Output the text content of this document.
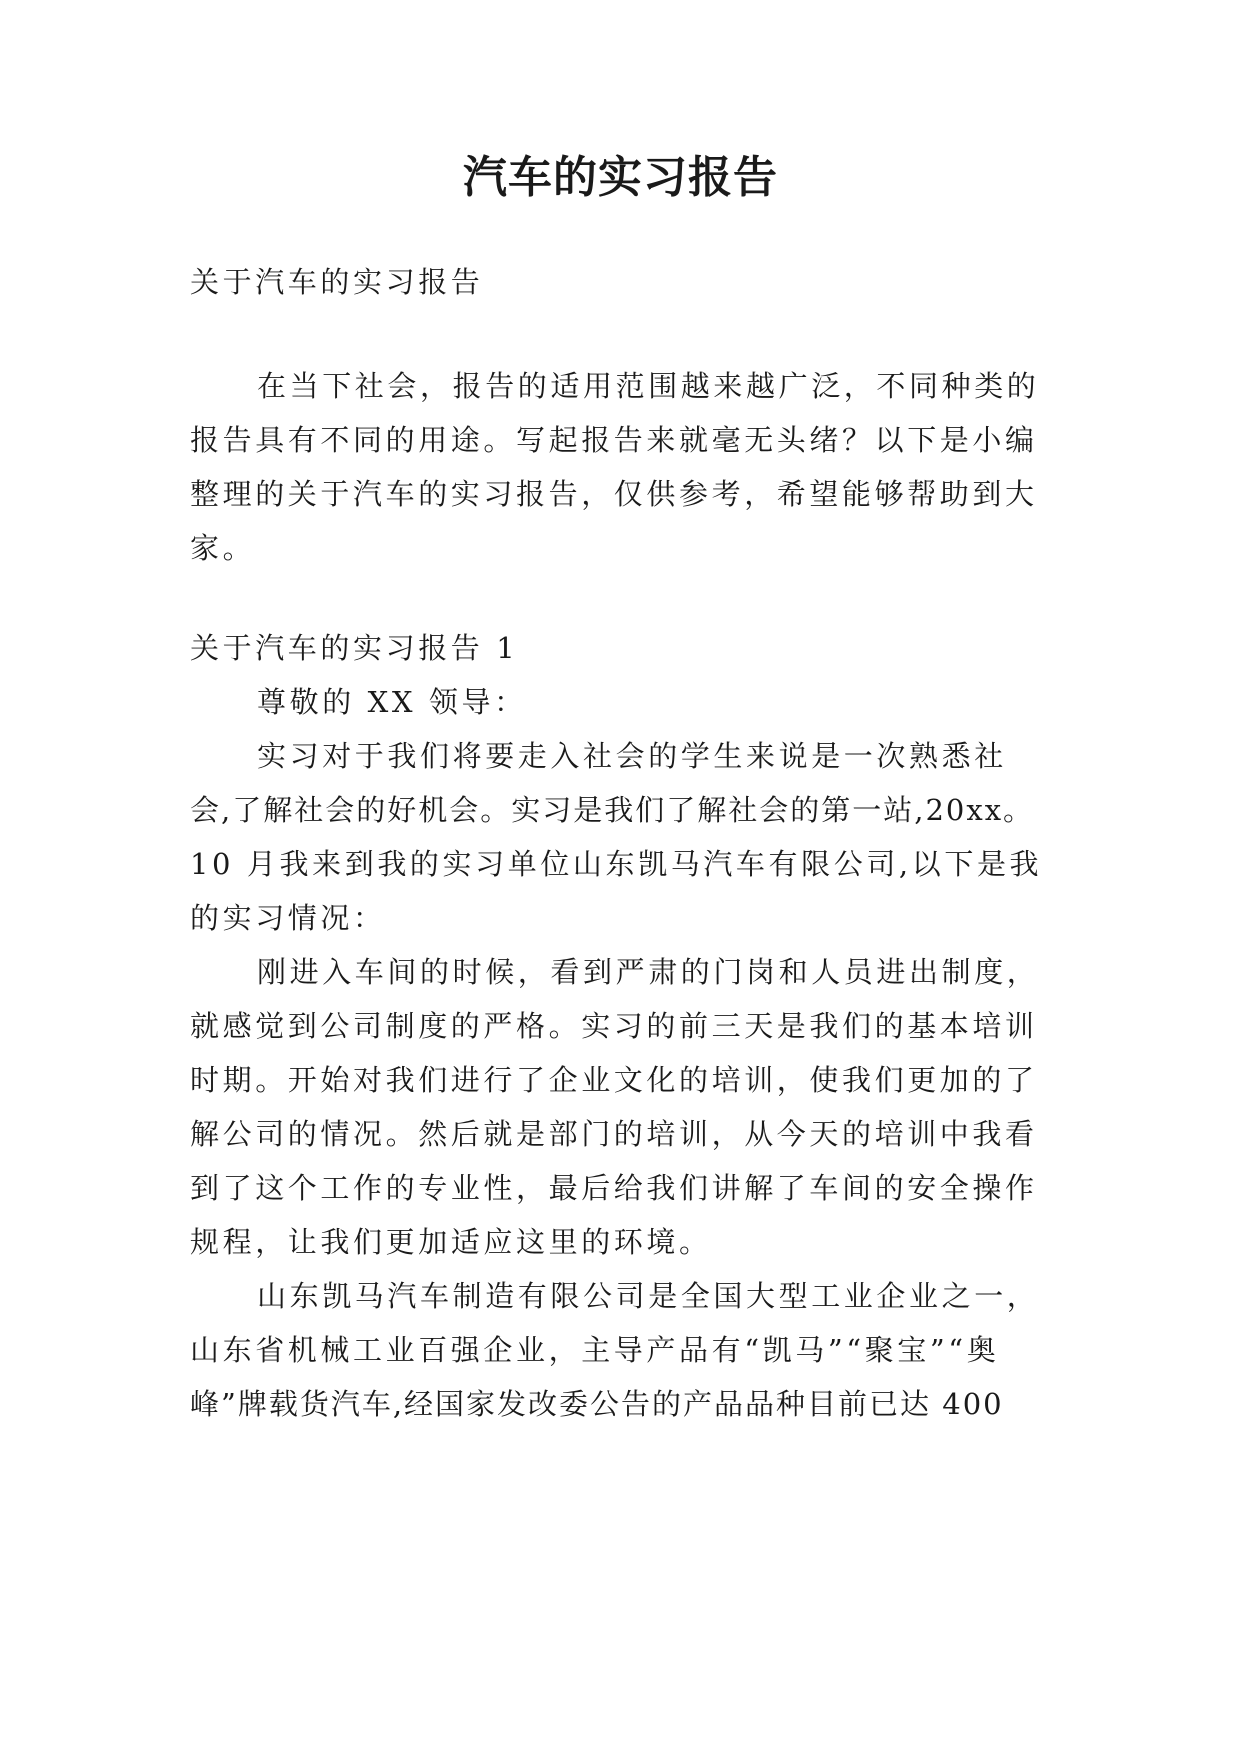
汽车的实习报告

关于汽车的实习报告

在当下社会，报告的适用范围越来越广泛，不同种类的

报告具有不同的用途。写起报告来就毫无头绪？以下是小编

整理的关于汽车的实习报告，仅供参考，希望能够帮助到大

家。

关于汽车的实习报告 1

尊敬的 XX 领导：

实习对于我们将要走入社会的学生来说是一次熟悉社

会,了解社会的好机会。实习是我们了解社会的第一站,20xx。

10 月我来到我的实习单位山东凯马汽车有限公司,以下是我

的实习情况：

刚进入车间的时候，看到严肃的门岗和人员进出制度，

就感觉到公司制度的严格。实习的前三天是我们的基本培训

时期。开始对我们进行了企业文化的培训，使我们更加的了

解公司的情况。然后就是部门的培训，从今天的培训中我看

到了这个工作的专业性，最后给我们讲解了车间的安全操作

规程，让我们更加适应这里的环境。

山东凯马汽车制造有限公司是全国大型工业企业之一，

山东省机械工业百强企业，主导产品有“凯马”“聚宝”“奥

峰”牌载货汽车,经国家发改委公告的产品品种目前已达 400
